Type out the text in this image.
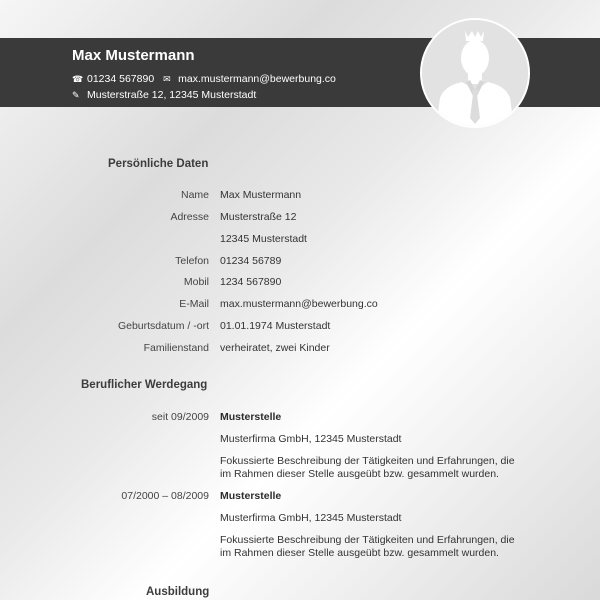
Max Mustermann
☎ 01234 567890 ✉ max.mustermann@bewerbung.co
✎ Musterstraße 12, 12345 Musterstadt
Persönliche Daten
Name Max Mustermann
Adresse Musterstraße 12
12345 Musterstadt
Telefon 01234 56789
Mobil 1234 567890
E-Mail max.mustermann@bewerbung.co
Geburtsdatum / -ort 01.01.1974 Musterstadt
Familienstand verheiratet, zwei Kinder
Beruflicher Werdegang
seit 09/2009 Musterstelle
Musterfirma GmbH, 12345 Musterstadt
Fokussierte Beschreibung der Tätigkeiten und Erfahrungen, die im Rahmen dieser Stelle ausgeübt bzw. gesammelt wurden.
07/2000 – 08/2009 Musterstelle
Musterfirma GmbH, 12345 Musterstadt
Fokussierte Beschreibung der Tätigkeiten und Erfahrungen, die im Rahmen dieser Stelle ausgeübt bzw. gesammelt wurden.
Ausbildung
